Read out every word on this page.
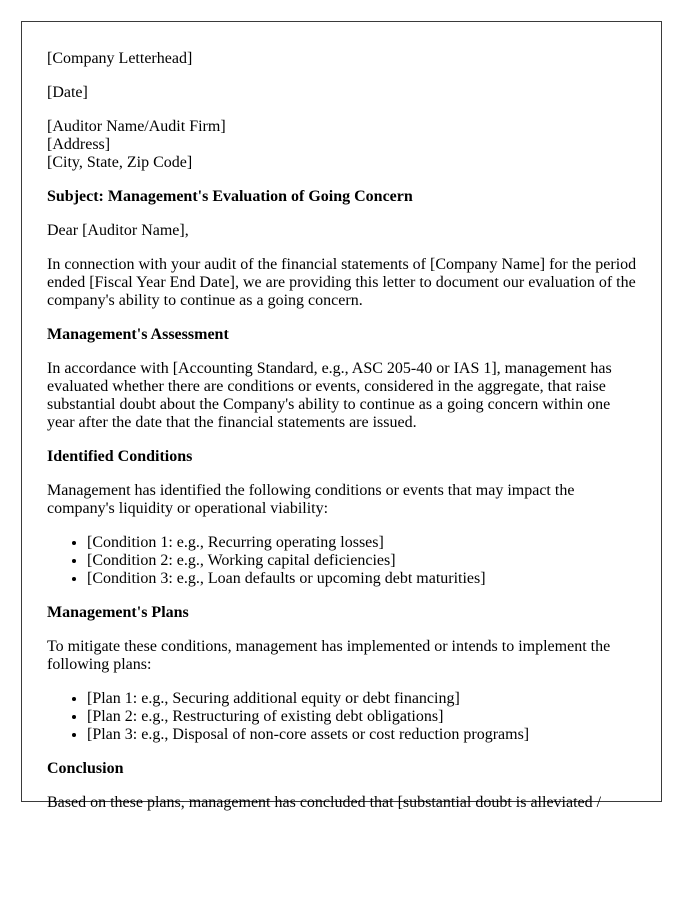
[Company Letterhead]

[Date]

[Auditor Name/Audit Firm]
[Address]
[City, State, Zip Code]

Subject: Management's Evaluation of Going Concern

Dear [Auditor Name],

In connection with your audit of the financial statements of [Company Name] for the period ended [Fiscal Year End Date], we are providing this letter to document our evaluation of the company's ability to continue as a going concern.

Management's Assessment

In accordance with [Accounting Standard, e.g., ASC 205-40 or IAS 1], management has evaluated whether there are conditions or events, considered in the aggregate, that raise substantial doubt about the Company's ability to continue as a going concern within one year after the date that the financial statements are issued.

Identified Conditions

Management has identified the following conditions or events that may impact the company's liquidity or operational viability:

• [Condition 1: e.g., Recurring operating losses]
• [Condition 2: e.g., Working capital deficiencies]
• [Condition 3: e.g., Loan defaults or upcoming debt maturities]

Management's Plans

To mitigate these conditions, management has implemented or intends to implement the following plans:

• [Plan 1: e.g., Securing additional equity or debt financing]
• [Plan 2: e.g., Restructuring of existing debt obligations]
• [Plan 3: e.g., Disposal of non-core assets or cost reduction programs]

Conclusion

Based on these plans, management has concluded that [substantial doubt is alleviated /
